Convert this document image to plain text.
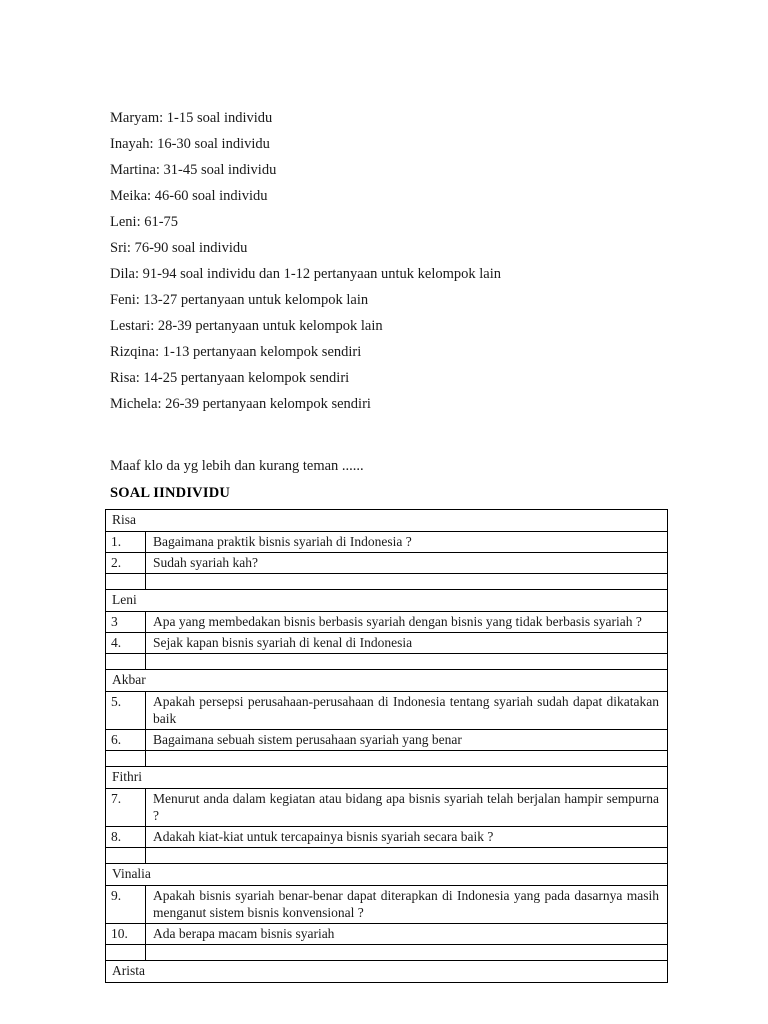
Maryam: 1-15 soal individu
Inayah: 16-30 soal individu
Martina: 31-45 soal individu
Meika: 46-60 soal individu
Leni: 61-75
Sri: 76-90 soal individu
Dila: 91-94 soal individu dan 1-12 pertanyaan untuk kelompok lain
Feni: 13-27 pertanyaan untuk kelompok lain
Lestari: 28-39 pertanyaan untuk kelompok lain
Rizqina: 1-13 pertanyaan kelompok sendiri
Risa: 14-25 pertanyaan kelompok sendiri
Michela: 26-39 pertanyaan kelompok sendiri
Maaf klo da yg lebih dan kurang teman ......
SOAL IINDIVIDU
Risa	
1.	Bagaimana praktik bisnis syariah di Indonesia ?
2.	Sudah syariah kah?

Leni	
3	Apa yang membedakan bisnis berbasis syariah dengan bisnis yang tidak berbasis syariah ?
4.	Sejak kapan bisnis syariah di kenal di Indonesia

Akbar	
5.	Apakah persepsi perusahaan-perusahaan di Indonesia tentang syariah sudah dapat dikatakan baik
6.	Bagaimana sebuah sistem perusahaan syariah yang benar

Fithri	
7.	Menurut anda dalam kegiatan atau bidang apa bisnis syariah telah berjalan hampir sempurna ?
8.	Adakah kiat-kiat untuk tercapainya bisnis syariah secara baik ?

Vinalia	
9.	Apakah bisnis syariah benar-benar dapat diterapkan di Indonesia yang pada dasarnya masih menganut sistem bisnis konvensional ?
10.	Ada berapa macam bisnis syariah

Arista	
